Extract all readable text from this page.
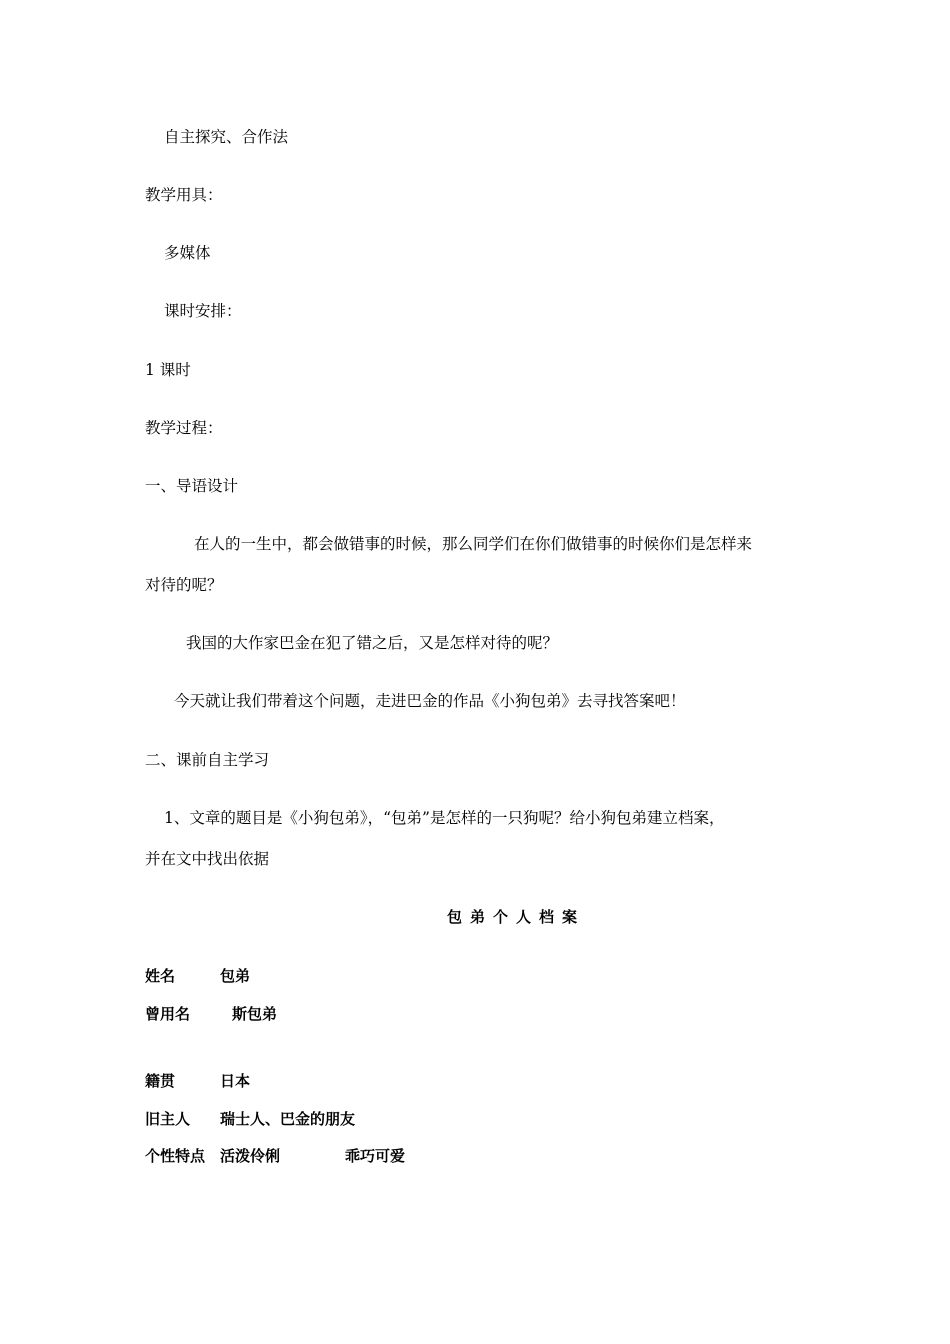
自主探究、合作法
教学用具：
多媒体
课时安排：
1 课时
教学过程：
一、导语设计
在人的一生中，都会做错事的时候，那么同学们在你们做错事的时候你们是怎样来
对待的呢？
我国的大作家巴金在犯了错之后，又是怎样对待的呢？
今天就让我们带着这个问题，走进巴金的作品《小狗包弟》去寻找答案吧！
二、课前自主学习
1、文章的题目是《小狗包弟》，“包弟”是怎样的一只狗呢？给小狗包弟建立档案，
并在文中找出依据
包弟个人档案
姓名	包弟
曾用名	斯包弟
籍贯	日本
旧主人 瑞士人、巴金的朋友
个性特点 活泼伶俐	乖巧可爱
